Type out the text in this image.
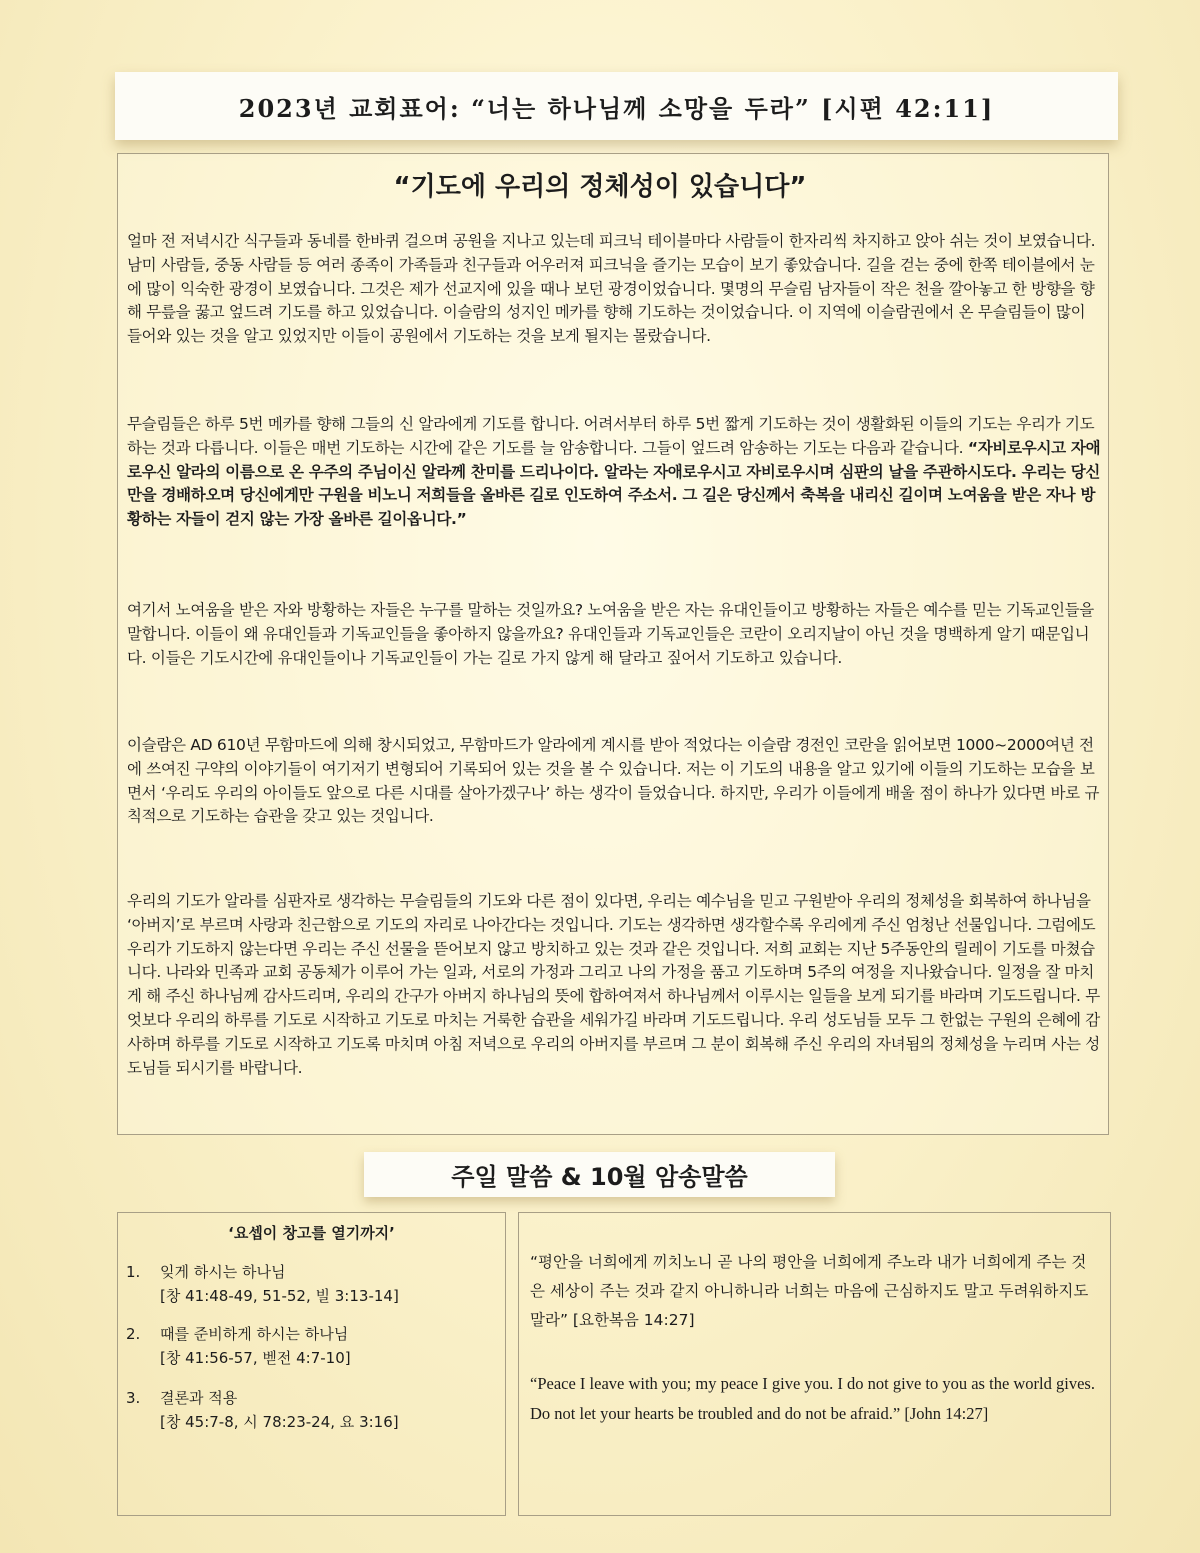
2023년 교회표어:
“너는 하나님께 소망을 두라”
[시편 42:11]
“기도에 우리의 정체성이 있습니다”

얼마 전 저녁시간 식구들과 동네를 한바퀴 걸으며 공원을 지나고 있는데 피크닉 테이블마다 사람들이 한자리씩 차지하고 앉아 쉬는 것이 보였습니다. 남미 사람들, 중동 사람들 등 여러 종족이 가족들과 친구들과 어우러져 피크닉을 즐기는 모습이 보기 좋았습니다. 길을 걷는 중에 한쪽 테이블에서 눈에 많이 익숙한 광경이 보였습니다. 그것은 제가 선교지에 있을 때나 보던 광경이었습니다. 몇명의 무슬림 남자들이 작은 천을 깔아놓고 한 방향을 향해 무릎을 꿇고 엎드려 기도를 하고 있었습니다. 이슬람의 성지인 메카를 향해 기도하는 것이었습니다. 이 지역에 이슬람권에서 온 무슬림들이 많이 들어와 있는 것을 알고 있었지만 이들이 공원에서 기도하는 것을 보게 될지는 몰랐습니다.

무슬림들은 하루 5번 메카를 향해 그들의 신 알라에게 기도를 합니다. 어려서부터 하루 5번 짧게 기도하는 것이 생활화된 이들의 기도는 우리가 기도하는 것과 다릅니다. 이들은 매번 기도하는 시간에 같은 기도를 늘 암송합니다. 그들이 엎드려 암송하는 기도는 다음과 같습니다. “자비로우시고 자애로우신 알라의 이름으로 온 우주의 주님이신 알라께 찬미를 드리나이다. 알라는 자애로우시고 자비로우시며 심판의 날을 주관하시도다. 우리는 당신만을 경배하오며 당신에게만 구원을 비노니 저희들을 올바른 길로 인도하여 주소서. 그 길은 당신께서 축복을 내리신 길이며 노여움을 받은 자나 방황하는 자들이 걷지 않는 가장 올바른 길이옵니다.”

여기서 노여움을 받은 자와 방황하는 자들은 누구를 말하는 것일까요? 노여움을 받은 자는 유대인들이고 방황하는 자들은 예수를 믿는 기독교인들을 말합니다. 이들이 왜 유대인들과 기독교인들을 좋아하지 않을까요? 유대인들과 기독교인들은 코란이 오리지날이 아닌 것을 명백하게 알기 때문입니다. 이들은 기도시간에 유대인들이나 기독교인들이 가는 길로 가지 않게 해 달라고 짚어서 기도하고 있습니다.

이슬람은 AD 610년 무함마드에 의해 창시되었고, 무함마드가 알라에게 계시를 받아 적었다는 이슬람 경전인 코란을 읽어보면 1000~2000여년 전에 쓰여진 구약의 이야기들이 여기저기 변형되어 기록되어 있는 것을 볼 수 있습니다. 저는 이 기도의 내용을 알고 있기에 이들의 기도하는 모습을 보면서 ‘우리도 우리의 아이들도 앞으로 다른 시대를 살아가겠구나’ 하는 생각이 들었습니다. 하지만, 우리가 이들에게 배울 점이 하나가 있다면 바로 규칙적으로 기도하는 습관을 갖고 있는 것입니다.

우리의 기도가 알라를 심판자로 생각하는 무슬림들의 기도와 다른 점이 있다면, 우리는 예수님을 믿고 구원받아 우리의 정체성을 회복하여 하나님을 ‘아버지’로 부르며 사랑과 친근함으로 기도의 자리로 나아간다는 것입니다. 기도는 생각하면 생각할수록 우리에게 주신 엄청난 선물입니다. 그럼에도 우리가 기도하지 않는다면 우리는 주신 선물을 뜯어보지 않고 방치하고 있는 것과 같은 것입니다. 저희 교회는 지난 5주동안의 릴레이 기도를 마쳤습니다. 나라와 민족과 교회 공동체가 이루어 가는 일과, 서로의 가정과 그리고 나의 가정을 품고 기도하며 5주의 여정을 지나왔습니다. 일정을 잘 마치게 해 주신 하나님께 감사드리며, 우리의 간구가 아버지 하나님의 뜻에 합하여져서 하나님께서 이루시는 일들을 보게 되기를 바라며 기도드립니다. 무엇보다 우리의 하루를 기도로 시작하고 기도로 마치는 거룩한 습관을 세워가길 바라며 기도드립니다. 우리 성도님들 모두 그 한없는 구원의 은혜에 감사하며 하루를 기도로 시작하고 기도록 마치며 아침 저녁으로 우리의 아버지를 부르며 그 분이 회복해 주신 우리의 자녀됨의 정체성을 누리며 사는 성도님들 되시기를 바랍니다.

주일 말씀 & 10월 암송말씀
‘요셉이 창고를 열기까지’
1. 잊게 하시는 하나님
[창 41:48-49, 51-52, 빌 3:13-14]
2. 때를 준비하게 하시는 하나님
[창 41:56-57, 벧전 4:7-10]
3. 결론과 적용
[창 45:7-8, 시 78:23-24, 요 3:16]

“평안을 너희에게 끼치노니 곧 나의 평안을 너희에게 주노라 내가 너희에게 주는 것은 세상이 주는 것과 같지 아니하니라 너희는 마음에 근심하지도 말고 두려워하지도 말라” [요한복음 14:27]

“Peace I leave with you; my peace I give you. I do not give to you as the world gives. Do not let your hearts be troubled and do not be afraid.” [John 14:27]
